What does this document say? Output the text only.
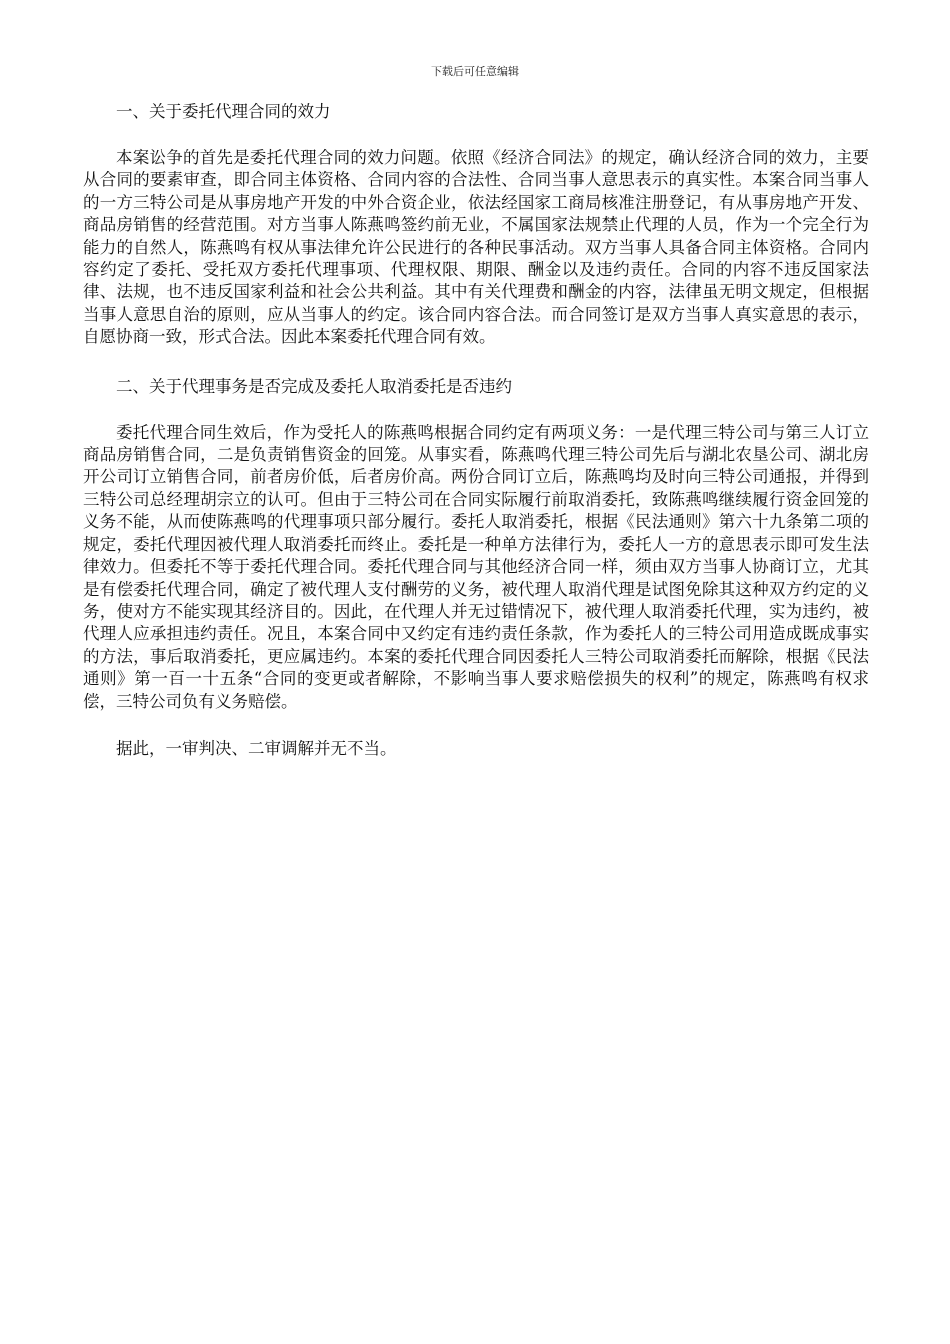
下载后可任意编辑

一、关于委托代理合同的效力

本案讼争的首先是委托代理合同的效力问题。依照《经济合同法》的规定，确认经济合同的效力，主要从合同的要素审查，即合同主体资格、合同内容的合法性、合同当事人意思表示的真实性。本案合同当事人的一方三特公司是从事房地产开发的中外合资企业，依法经国家工商局核准注册登记，有从事房地产开发、商品房销售的经营范围。对方当事人陈燕鸣签约前无业，不属国家法规禁止代理的人员，作为一个完全行为能力的自然人，陈燕鸣有权从事法律允许公民进行的各种民事活动。双方当事人具备合同主体资格。合同内容约定了委托、受托双方委托代理事项、代理权限、期限、酬金以及违约责任。合同的内容不违反国家法律、法规，也不违反国家利益和社会公共利益。其中有关代理费和酬金的内容，法律虽无明文规定，但根据当事人意思自治的原则，应从当事人的约定。该合同内容合法。而合同签订是双方当事人真实意思的表示，自愿协商一致，形式合法。因此本案委托代理合同有效。

二、关于代理事务是否完成及委托人取消委托是否违约

委托代理合同生效后，作为受托人的陈燕鸣根据合同约定有两项义务：一是代理三特公司与第三人订立商品房销售合同，二是负责销售资金的回笼。从事实看，陈燕鸣代理三特公司先后与湖北农垦公司、湖北房开公司订立销售合同，前者房价低，后者房价高。两份合同订立后，陈燕鸣均及时向三特公司通报，并得到三特公司总经理胡宗立的认可。但由于三特公司在合同实际履行前取消委托，致陈燕鸣继续履行资金回笼的义务不能，从而使陈燕鸣的代理事项只部分履行。委托人取消委托，根据《民法通则》第六十九条第二项的规定，委托代理因被代理人取消委托而终止。委托是一种单方法律行为，委托人一方的意思表示即可发生法律效力。但委托不等于委托代理合同。委托代理合同与其他经济合同一样，须由双方当事人协商订立，尤其是有偿委托代理合同，确定了被代理人支付酬劳的义务，被代理人取消代理是试图免除其这种双方约定的义务，使对方不能实现其经济目的。因此，在代理人并无过错情况下，被代理人取消委托代理，实为违约，被代理人应承担违约责任。况且，本案合同中又约定有违约责任条款，作为委托人的三特公司用造成既成事实的方法，事后取消委托，更应属违约。本案的委托代理合同因委托人三特公司取消委托而解除，根据《民法通则》第一百一十五条“合同的变更或者解除，不影响当事人要求赔偿损失的权利”的规定，陈燕鸣有权求偿，三特公司负有义务赔偿。

据此，一审判决、二审调解并无不当。
